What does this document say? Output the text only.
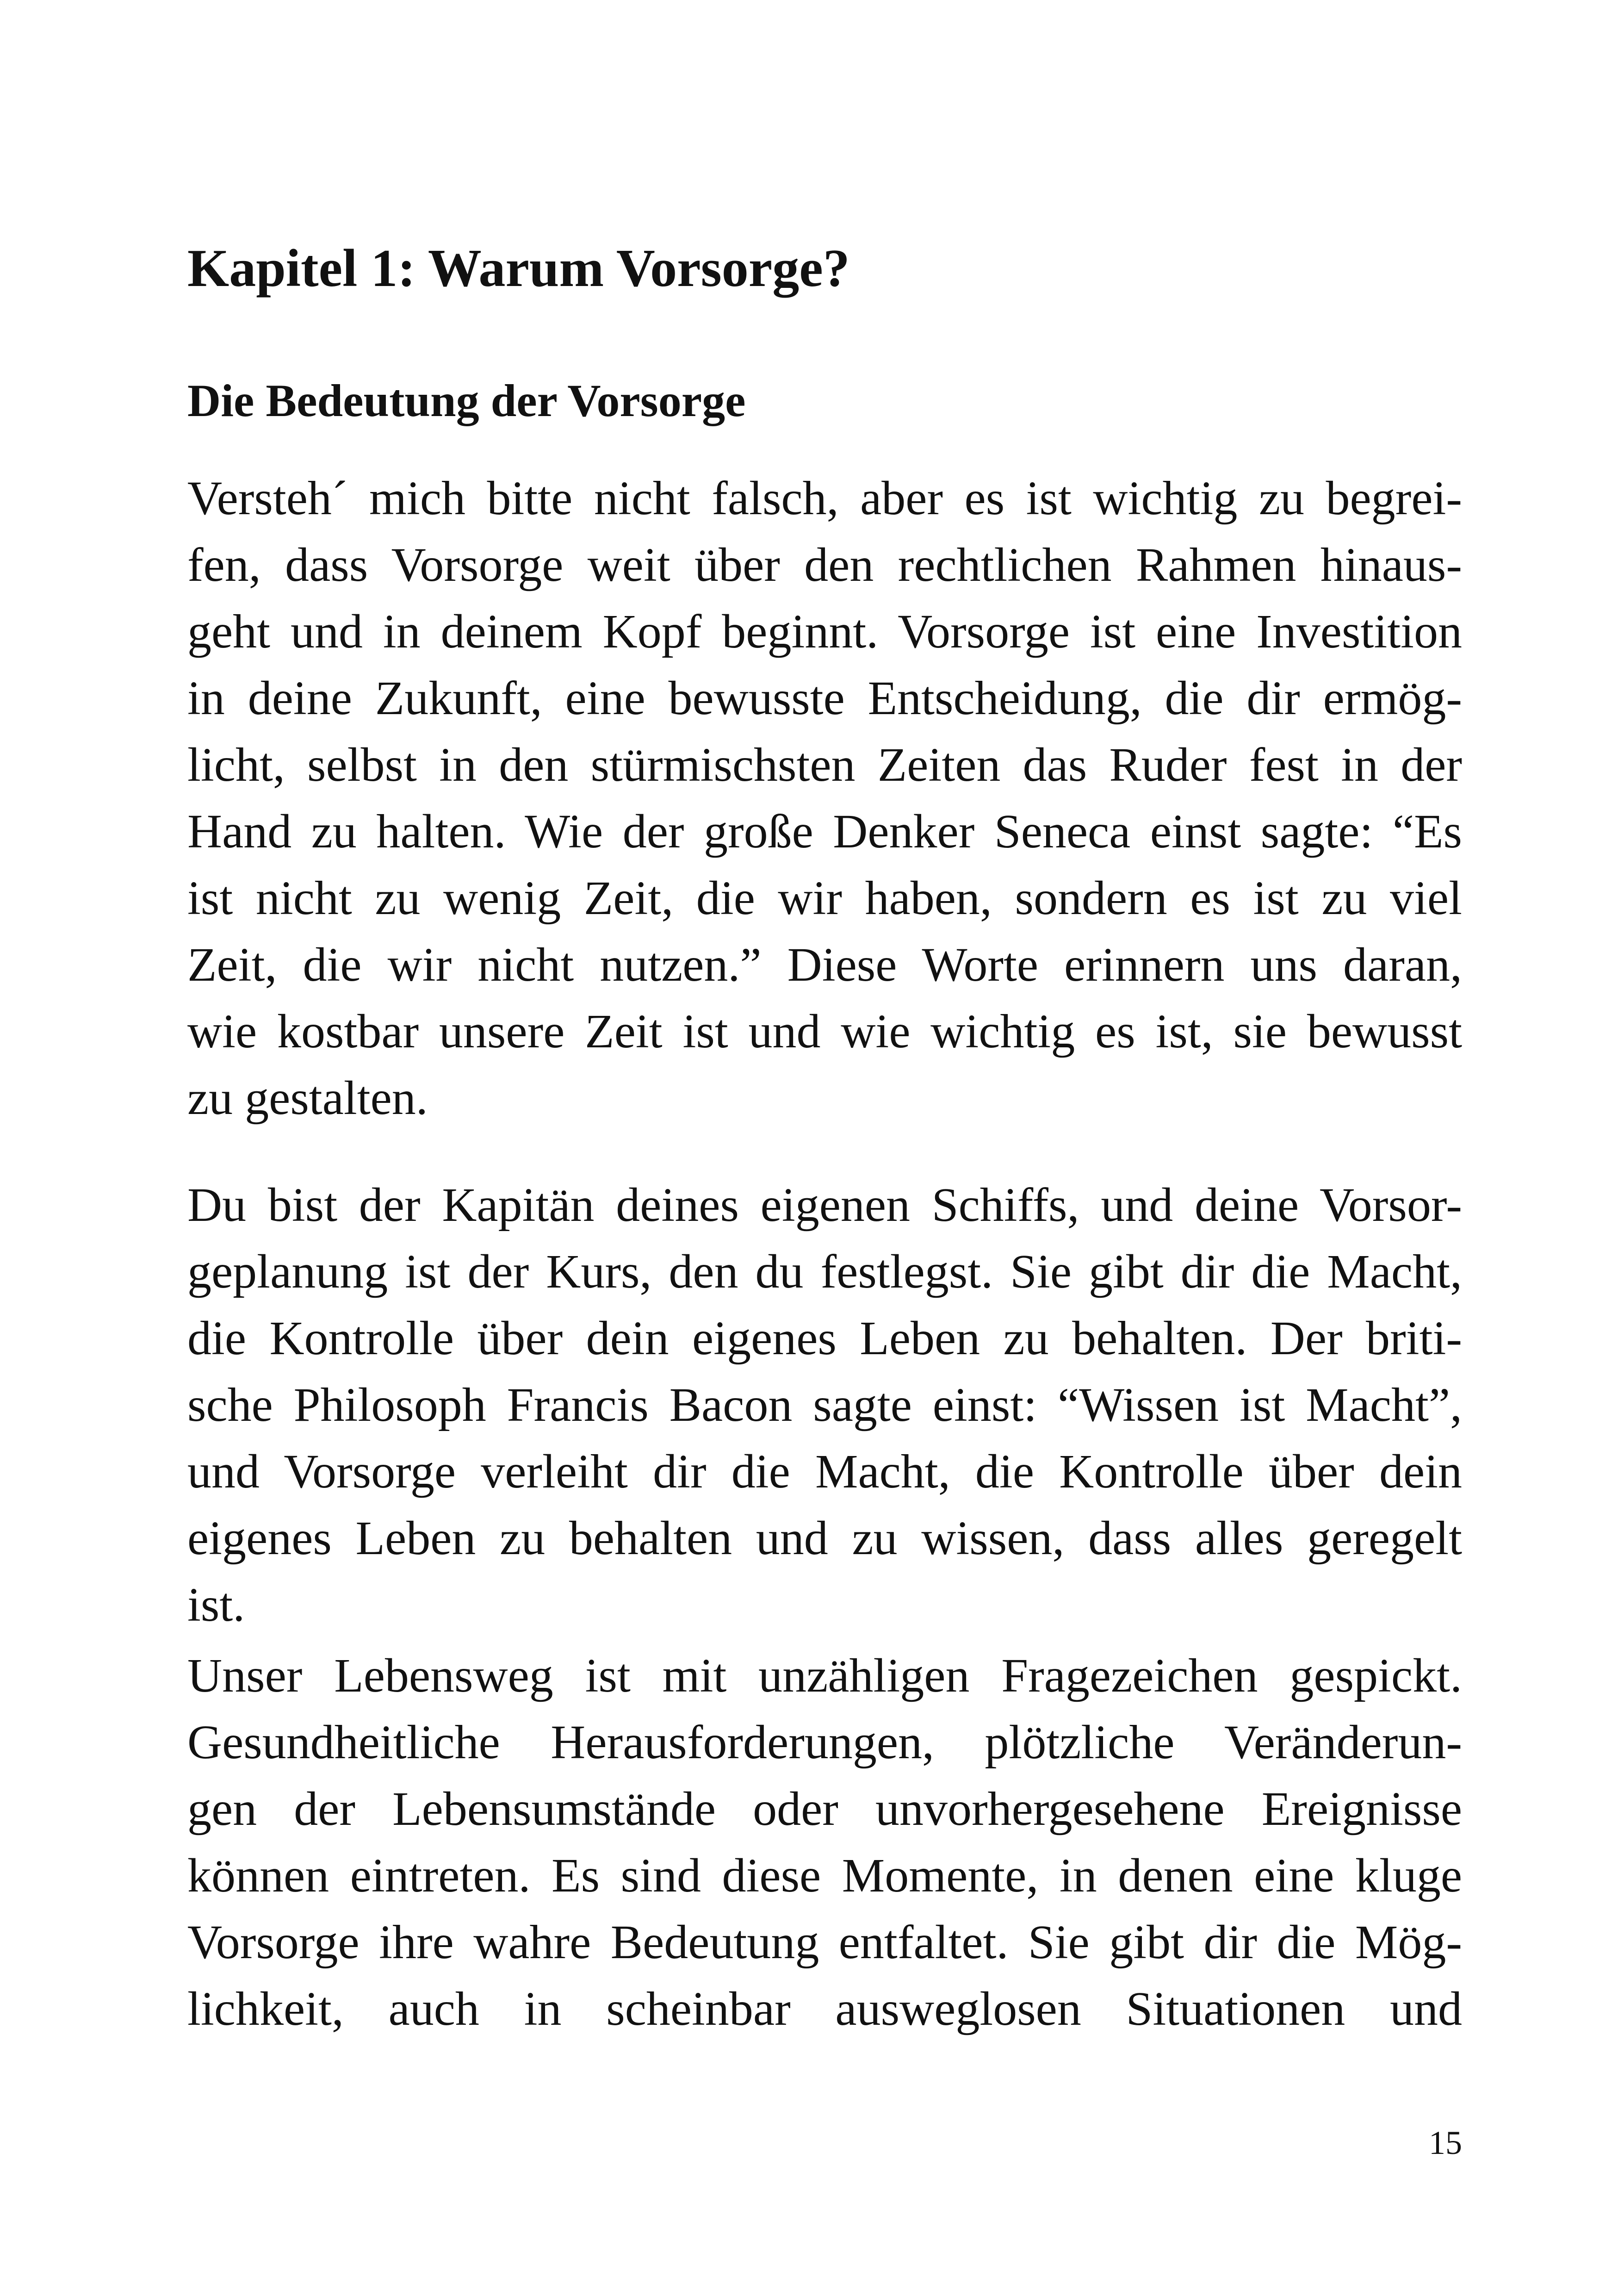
Kapitel 1: Warum Vorsorge?
Die Bedeutung der Vorsorge
Versteh´ mich bitte nicht falsch, aber es ist wichtig zu begrei-
fen, dass Vorsorge weit über den rechtlichen Rahmen hinaus-
geht und in deinem Kopf beginnt. Vorsorge ist eine Investition
in deine Zukunft, eine bewusste Entscheidung, die dir ermög-
licht, selbst in den stürmischsten Zeiten das Ruder fest in der
Hand zu halten. Wie der große Denker Seneca einst sagte: “Es
ist nicht zu wenig Zeit, die wir haben, sondern es ist zu viel
Zeit, die wir nicht nutzen.” Diese Worte erinnern uns daran,
wie kostbar unsere Zeit ist und wie wichtig es ist, sie bewusst
zu gestalten.
Du bist der Kapitän deines eigenen Schiffs, und deine Vorsor-
geplanung ist der Kurs, den du festlegst. Sie gibt dir die Macht,
die Kontrolle über dein eigenes Leben zu behalten. Der briti-
sche Philosoph Francis Bacon sagte einst: “Wissen ist Macht”,
und Vorsorge verleiht dir die Macht, die Kontrolle über dein
eigenes Leben zu behalten und zu wissen, dass alles geregelt
ist.
Unser Lebensweg ist mit unzähligen Fragezeichen gespickt.
Gesundheitliche Herausforderungen, plötzliche Veränderun-
gen der Lebensumstände oder unvorhergesehene Ereignisse
können eintreten. Es sind diese Momente, in denen eine kluge
Vorsorge ihre wahre Bedeutung entfaltet. Sie gibt dir die Mög-
lichkeit, auch in scheinbar ausweglosen Situationen und
15
